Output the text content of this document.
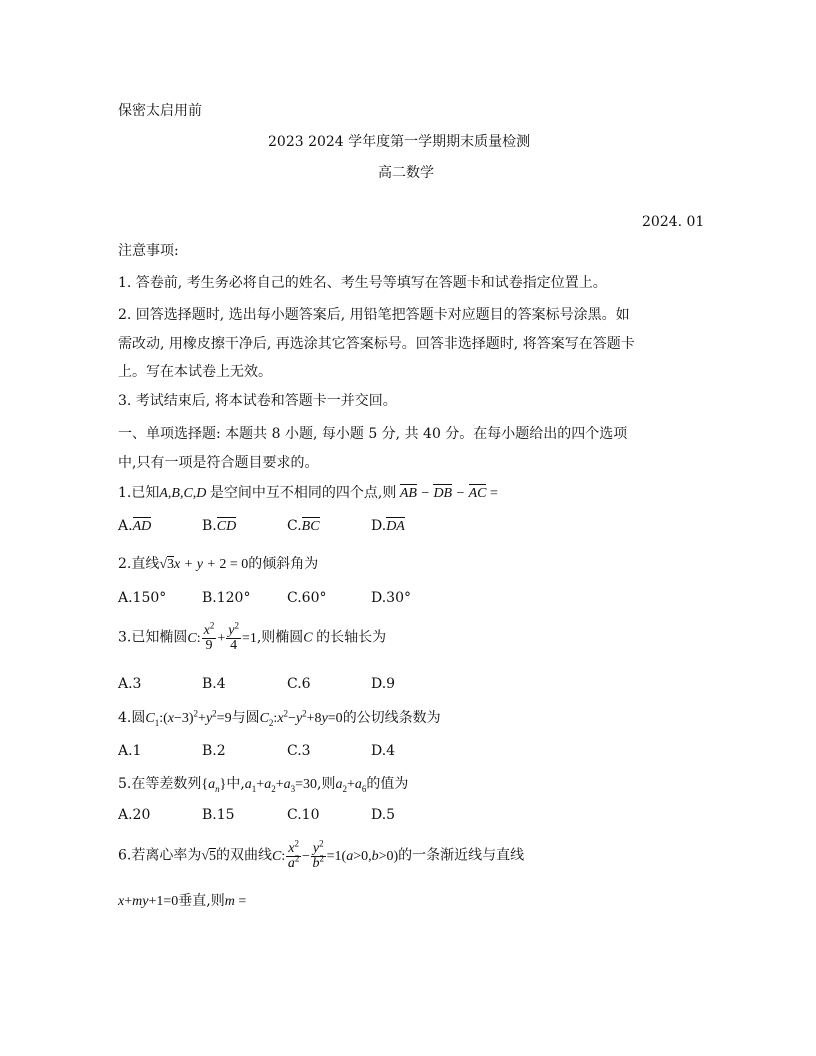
保密太启用前
2023 2024 学年度第一学期期末质量检测
高二数学
2024. 01
注意事项:
1. 答卷前, 考生务必将自己的姓名、考生号等填写在答题卡和试卷指定位置上。
2. 回答选择题时, 选出每小题答案后, 用铅笔把答题卡对应题目的答案标号涂黑。如
需改动, 用橡皮擦干净后, 再选涂其它答案标号。回答非选择题时, 将答案写在答题卡
上。写在本试卷上无效。
3. 考试结束后, 将本试卷和答题卡一并交回。
一、单项选择题: 本题共 8 小题, 每小题 5 分, 共 40 分。在每小题给出的四个选项
中,只有一项是符合题目要求的。
1.已知A,B,C,D 是空间中互不相同的四个点,则 AB − DB − AC =
A.AD	B.CD	C.BC	D.DA
2.直线√3x + y + 2 = 0的倾斜角为
A.150°	B.120°	C.60°	D.30°
3.已知椭圆C: $\frac{x^2}{9} + \frac{y^2}{4} =1$,则椭圆C 的长轴长为
A.3	B.4	C.6	D.9
4.圆$C_1:(x-3)^2+y^2=9$与圆$C_2:x^2-y^2+8y=0$的公切线条数为
A.1	B.2	C.3	D.4
5.在等差数列$\{a_n\}$中$,a_1+a_2+a_3=30$,则$a_2+a_6$的值为
A.20	B.15	C.10	D.5
6.若离心率为√5的双曲线C: $\frac{x^2}{a^2} - \frac{y^2}{b^2} =1(a>0,b>0)$的一条渐近线与直线
x+my+1=0垂直,则m =
